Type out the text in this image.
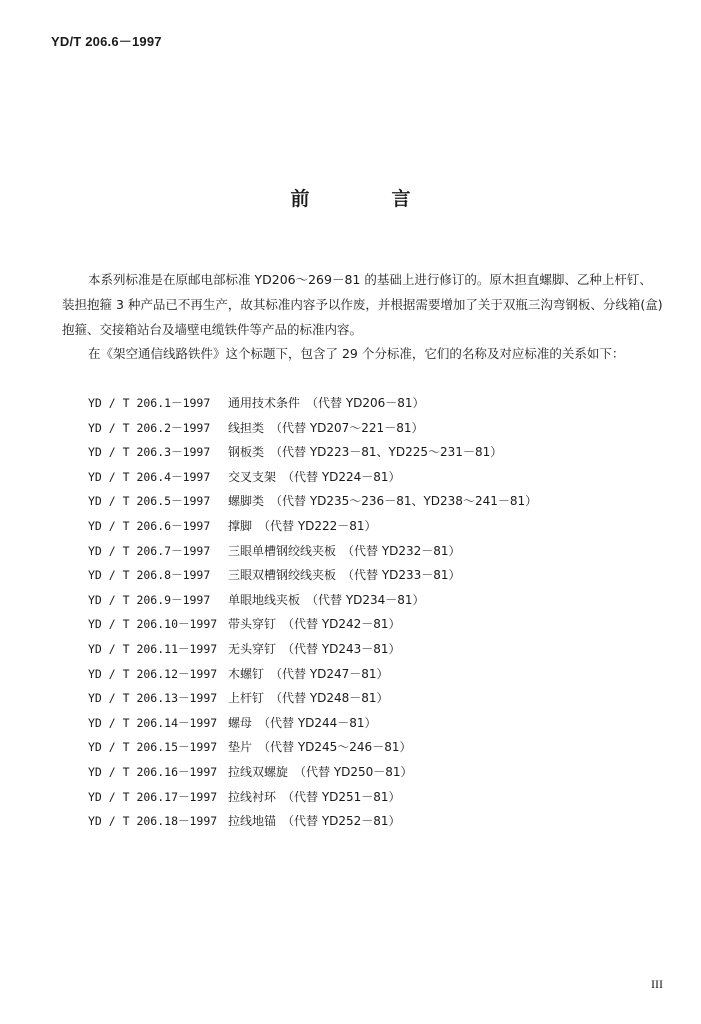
YD/T 206.6－1997
前	言
本系列标准是在原邮电部标准 YD206～269－81 的基础上进行修订的。原木担直螺脚、乙种上杆钉、装担抱箍 3 种产品已不再生产，故其标准内容予以作废，并根据需要增加了关于双瓶三沟弯钢板、分线箱(盒)抱箍、交接箱站台及墙壁电缆铁件等产品的标准内容。
在《架空通信线路铁件》这个标题下，包含了 29 个分标准，它们的名称及对应标准的关系如下：
YD / T 206.1－1997 通用技术条件　（代替 YD206－81）
YD / T 206.2－1997 线担类　（代替 YD207～221－81）
YD / T 206.3－1997 钢板类　（代替 YD223－81、YD225～231－81）
YD / T 206.4－1997 交叉支架　（代替 YD224－81）
YD / T 206.5－1997 螺脚类　（代替 YD235～236－81、YD238～241－81）
YD / T 206.6－1997 撑脚　（代替 YD222－81）
YD / T 206.7－1997 三眼单槽钢绞线夹板　（代替 YD232－81）
YD / T 206.8－1997 三眼双槽钢绞线夹板　（代替 YD233－81）
YD / T 206.9－1997 单眼地线夹板　（代替 YD234－81）
YD / T 206.10－1997 带头穿钉　（代替 YD242－81）
YD / T 206.11－1997 无头穿钉　（代替 YD243－81）
YD / T 206.12－1997 木螺钉　（代替 YD247－81）
YD / T 206.13－1997 上杆钉　（代替 YD248－81）
YD / T 206.14－1997 螺母　（代替 YD244－81）
YD / T 206.15－1997 垫片　（代替 YD245～246－81）
YD / T 206.16－1997 拉线双螺旋　（代替 YD250－81）
YD / T 206.17－1997 拉线衬环　（代替 YD251－81）
YD / T 206.18－1997 拉线地锚　（代替 YD252－81）
III
